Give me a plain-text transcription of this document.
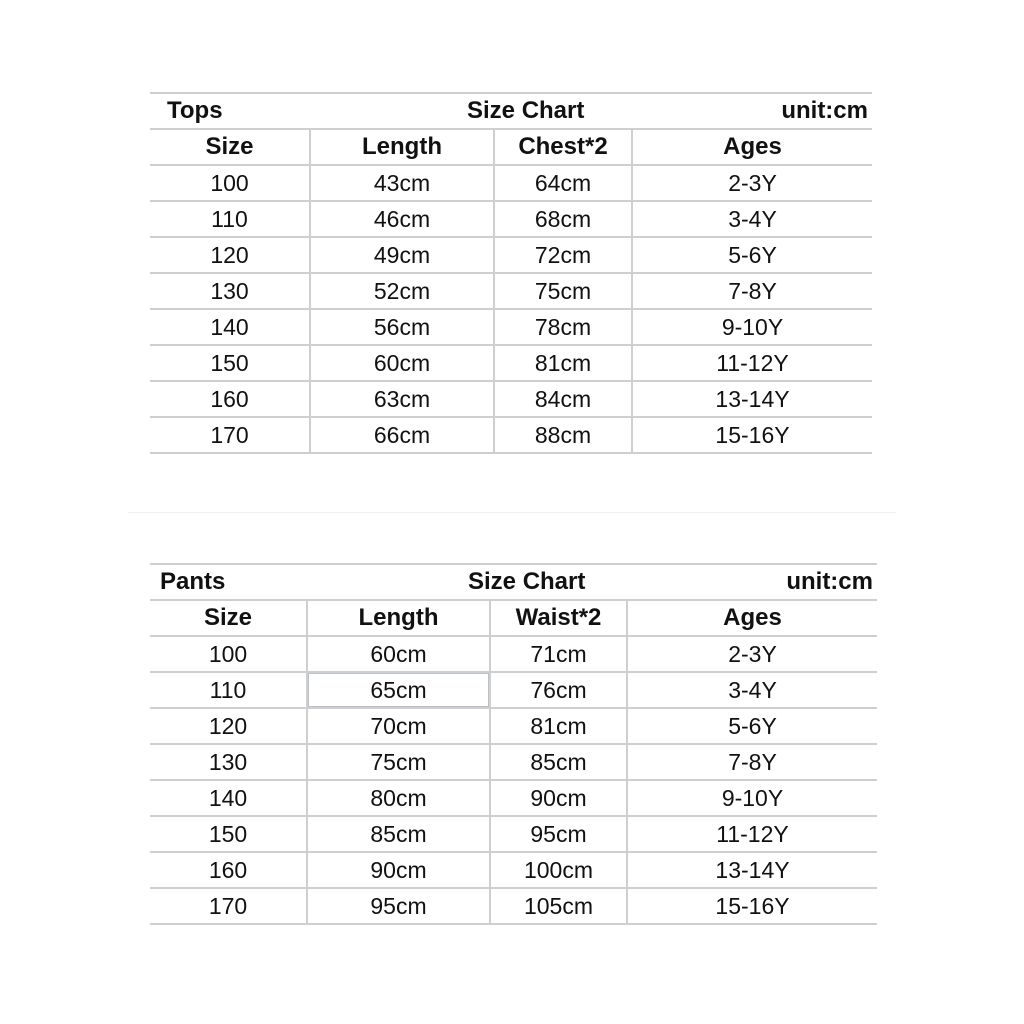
Tops	Size Chart	unit:cm
Size	Length	Chest*2	Ages
100	43cm	64cm	2-3Y
110	46cm	68cm	3-4Y
120	49cm	72cm	5-6Y
130	52cm	75cm	7-8Y
140	56cm	78cm	9-10Y
150	60cm	81cm	11-12Y
160	63cm	84cm	13-14Y
170	66cm	88cm	15-16Y
Pants	Size Chart	unit:cm
Size	Length	Waist*2	Ages
100	60cm	71cm	2-3Y
110	65cm	76cm	3-4Y
120	70cm	81cm	5-6Y
130	75cm	85cm	7-8Y
140	80cm	90cm	9-10Y
150	85cm	95cm	11-12Y
160	90cm	100cm	13-14Y
170	95cm	105cm	15-16Y
